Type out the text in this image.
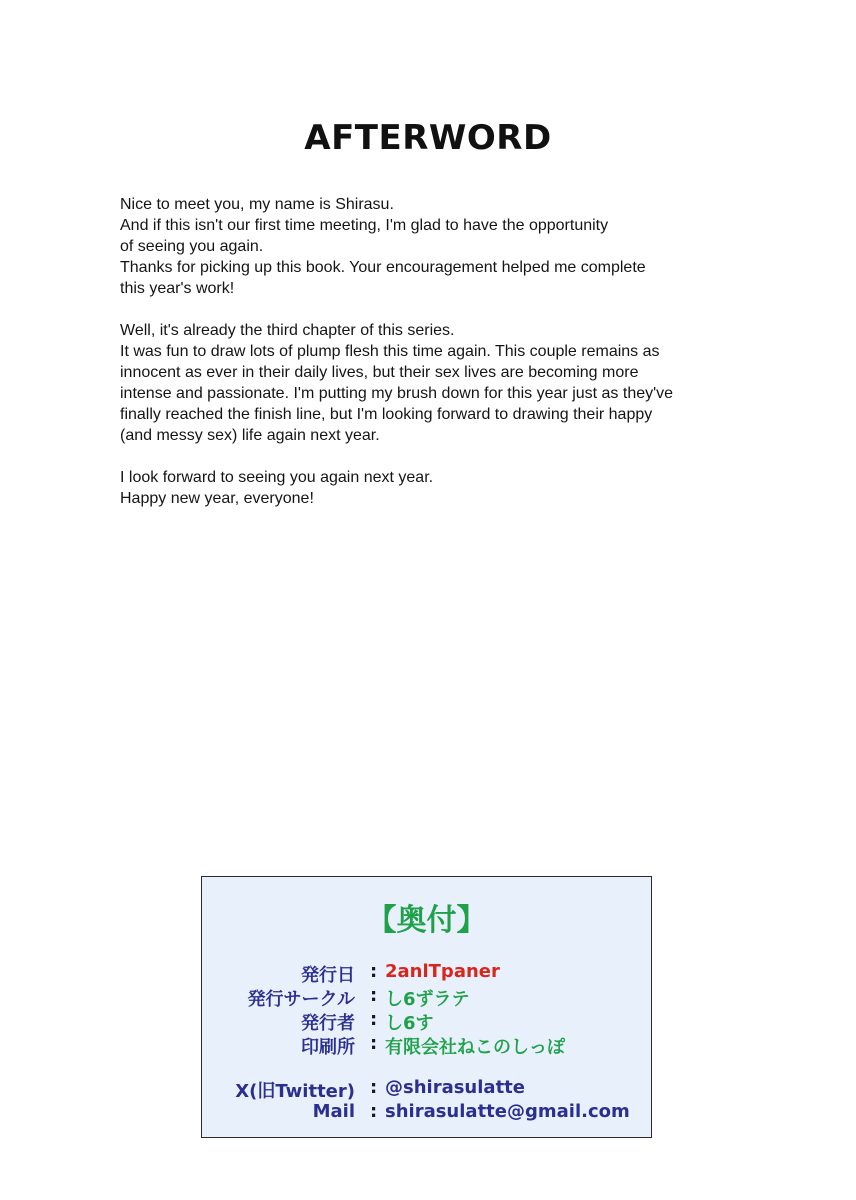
AFTERWORD
Nice to meet you, my name is Shirasu.
And if this isn't our first time meeting, I'm glad to have the opportunity
of seeing you again.
Thanks for picking up this book. Your encouragement helped me complete
this year's work!
Well, it's already the third chapter of this series.
It was fun to draw lots of plump flesh this time again. This couple remains as
innocent as ever in their daily lives, but their sex lives are becoming more
intense and passionate. I'm putting my brush down for this year just as they've
finally reached the finish line, but I'm looking forward to drawing their happy
(and messy sex) life again next year.
I look forward to seeing you again next year.
Happy new year, everyone!
【奥付】
発行日 : 2anlTpaner
発行サークル : し6ずラテ
発行者 : し6す
印刷所 : 有限会社ねこのしっぽ
X(旧Twitter) : @shirasulatte
Mail : shirasulatte@gmail.com
